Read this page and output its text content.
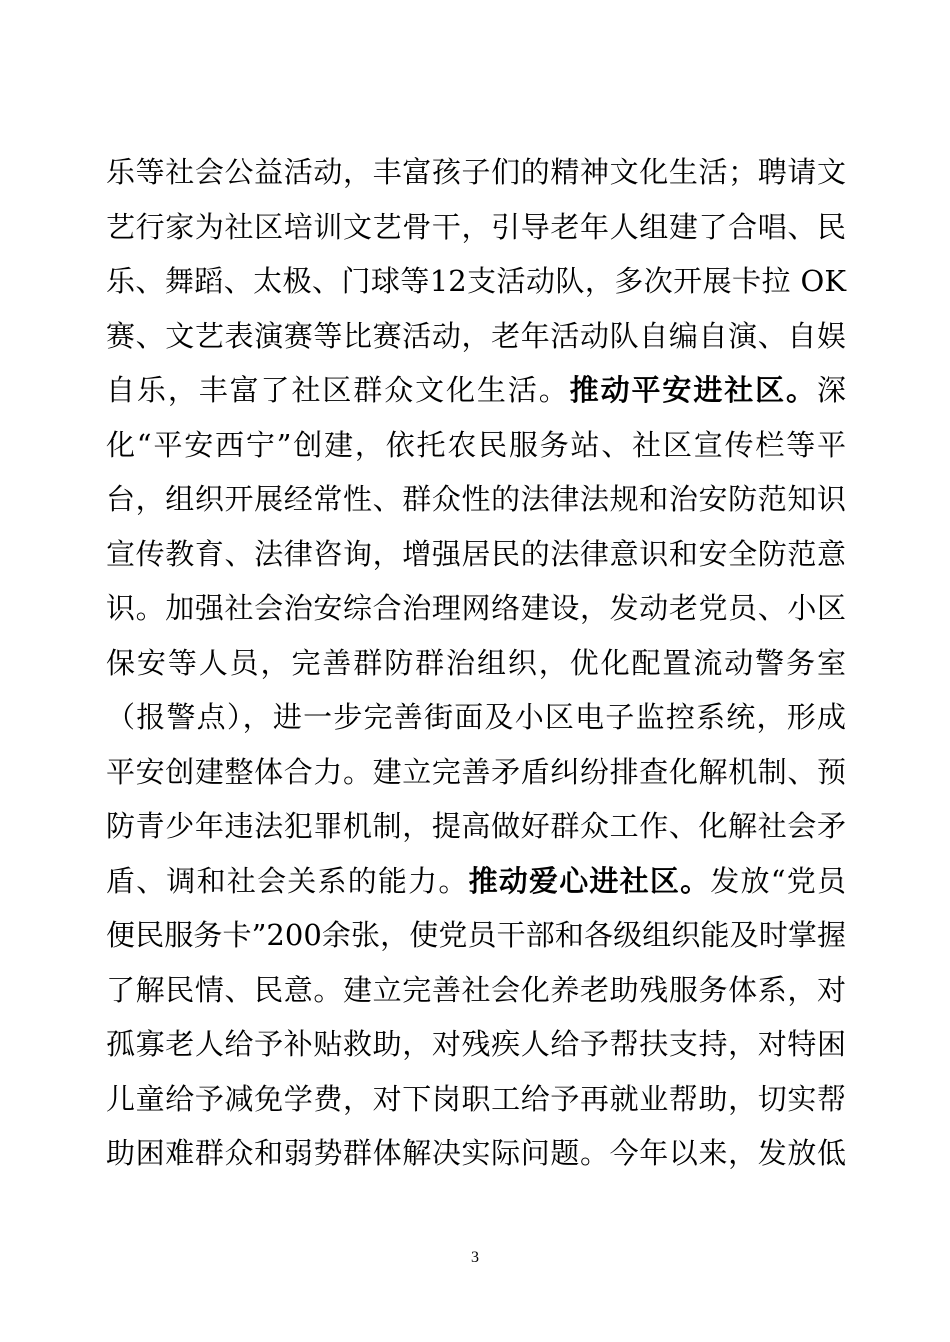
乐等社会公益活动，丰富孩子们的精神文化生活；聘请文
艺行家为社区培训文艺骨干，引导老年人组建了合唱、民
乐、舞蹈、太极、门球等12支活动队，多次开展卡拉 OK
赛、文艺表演赛等比赛活动，老年活动队自编自演、自娱
自乐，丰富了社区群众文化生活。推动平安进社区。深
化“平安西宁”创建，依托农民服务站、社区宣传栏等平
台，组织开展经常性、群众性的法律法规和治安防范知识
宣传教育、法律咨询，增强居民的法律意识和安全防范意
识。加强社会治安综合治理网络建设，发动老党员、小区
保安等人员，完善群防群治组织，优化配置流动警务室
（报警点），进一步完善街面及小区电子监控系统，形成
平安创建整体合力。建立完善矛盾纠纷排查化解机制、预
防青少年违法犯罪机制，提高做好群众工作、化解社会矛
盾、调和社会关系的能力。推动爱心进社区。发放“党员
便民服务卡”200余张，使党员干部和各级组织能及时掌握
了解民情、民意。建立完善社会化养老助残服务体系，对
孤寡老人给予补贴救助，对残疾人给予帮扶支持，对特困
儿童给予减免学费，对下岗职工给予再就业帮助，切实帮
助困难群众和弱势群体解决实际问题。今年以来，发放低
3
